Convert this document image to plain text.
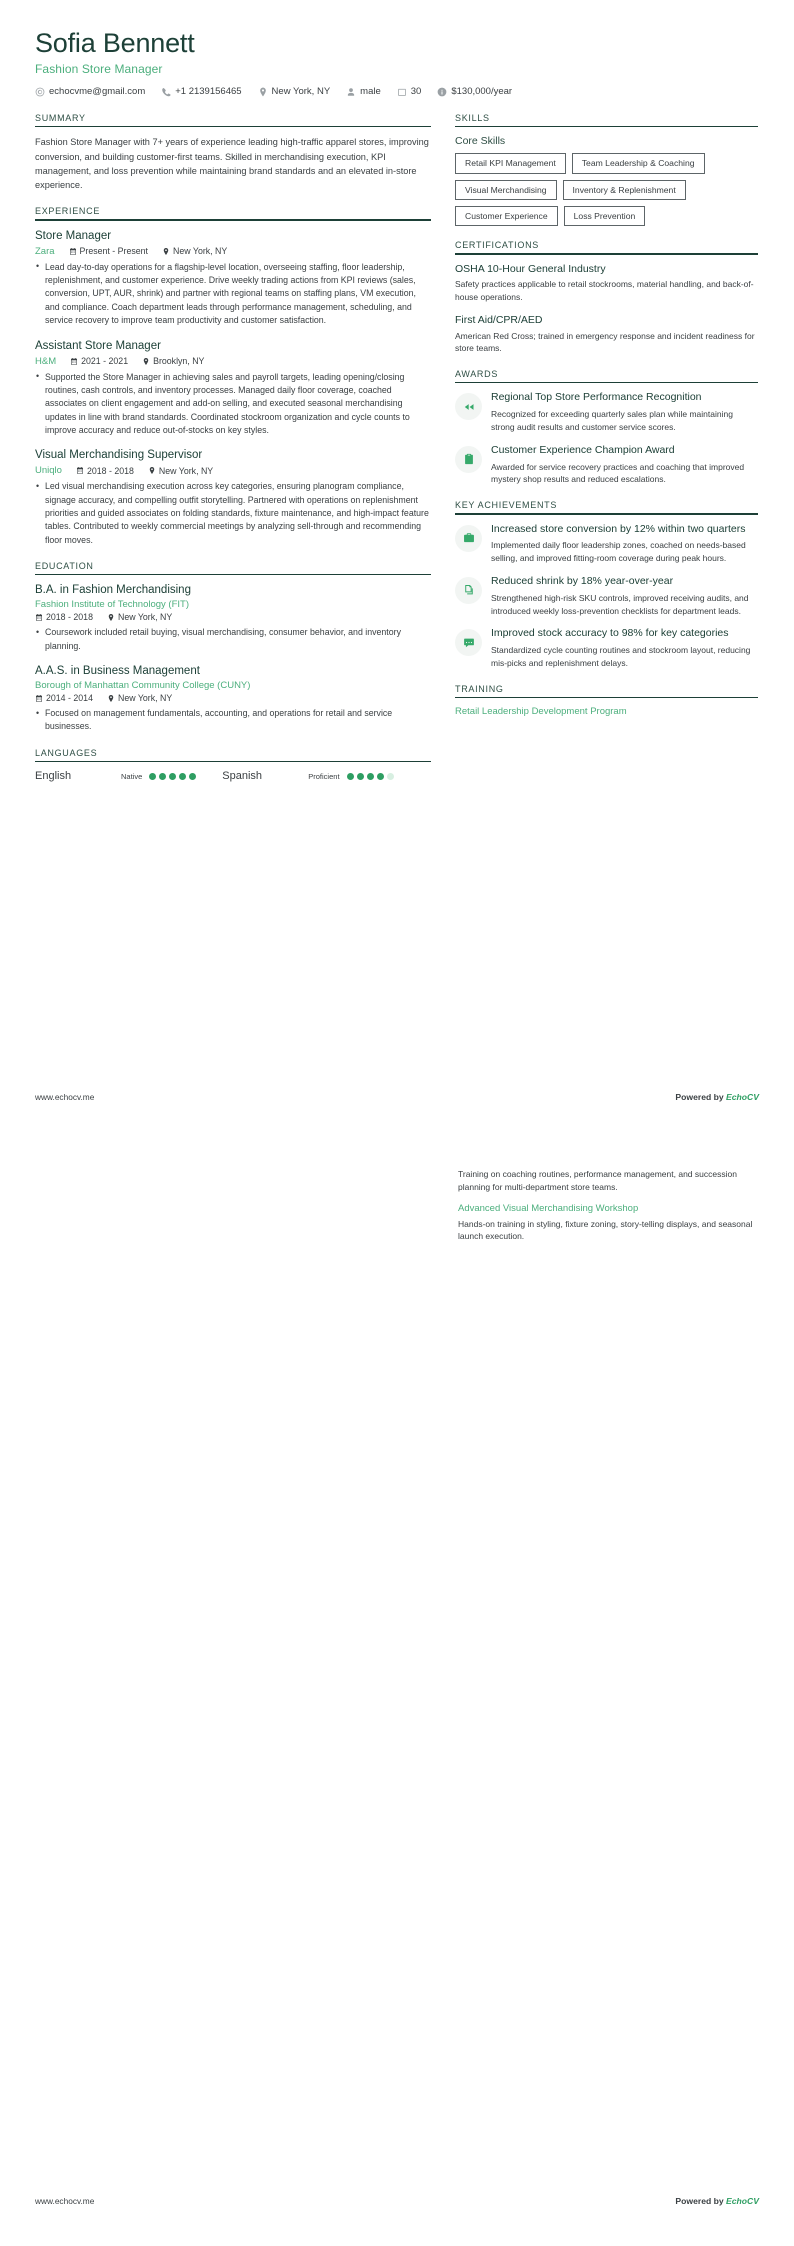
Sofia Bennett
Fashion Store Manager
echocvme@gmail.com	+1 2139156465	New York, NY	male	30	$130,000/year
SUMMARY
Fashion Store Manager with 7+ years of experience leading high-traffic apparel stores, improving conversion, and building customer-first teams. Skilled in merchandising execution, KPI management, and loss prevention while maintaining brand standards and an elevated in-store experience.
EXPERIENCE
Store Manager
Zara	Present - Present	New York, NY
• Lead day-to-day operations for a flagship-level location, overseeing staffing, floor leadership, replenishment, and customer experience. Drive weekly trading actions from KPI reviews (sales, conversion, UPT, AUR, shrink) and partner with regional teams on staffing plans, VM execution, and compliance. Coach department leads through performance management, scheduling, and service recovery to improve team productivity and customer satisfaction.
Assistant Store Manager
H&M	2021 - 2021	Brooklyn, NY
• Supported the Store Manager in achieving sales and payroll targets, leading opening/closing routines, cash controls, and inventory processes. Managed daily floor coverage, coached associates on client engagement and add-on selling, and executed seasonal merchandising updates in line with brand standards. Coordinated stockroom organization and cycle counts to improve accuracy and reduce out-of-stocks on key styles.
Visual Merchandising Supervisor
Uniqlo	2018 - 2018	New York, NY
• Led visual merchandising execution across key categories, ensuring planogram compliance, signage accuracy, and compelling outfit storytelling. Partnered with operations on replenishment priorities and guided associates on folding standards, fixture maintenance, and high-impact feature tables. Contributed to weekly commercial meetings by analyzing sell-through and recommending floor moves.
EDUCATION
B.A. in Fashion Merchandising
Fashion Institute of Technology (FIT)
2018 - 2018	New York, NY
• Coursework included retail buying, visual merchandising, consumer behavior, and inventory planning.
A.A.S. in Business Management
Borough of Manhattan Community College (CUNY)
2014 - 2014	New York, NY
• Focused on management fundamentals, accounting, and operations for retail and service businesses.
LANGUAGES
English	Native	Spanish	Proficient
SKILLS
Core Skills
Retail KPI Management	Team Leadership & Coaching
Visual Merchandising	Inventory & Replenishment
Customer Experience	Loss Prevention
CERTIFICATIONS
OSHA 10-Hour General Industry
Safety practices applicable to retail stockrooms, material handling, and back-of-house operations.
First Aid/CPR/AED
American Red Cross; trained in emergency response and incident readiness for store teams.
AWARDS
Regional Top Store Performance Recognition
Recognized for exceeding quarterly sales plan while maintaining strong audit results and customer service scores.
Customer Experience Champion Award
Awarded for service recovery practices and coaching that improved mystery shop results and reduced escalations.
KEY ACHIEVEMENTS
Increased store conversion by 12% within two quarters
Implemented daily floor leadership zones, coached on needs-based selling, and improved fitting-room coverage during peak hours.
Reduced shrink by 18% year-over-year
Strengthened high-risk SKU controls, improved receiving audits, and introduced weekly loss-prevention checklists for department leads.
Improved stock accuracy to 98% for key categories
Standardized cycle counting routines and stockroom layout, reducing mis-picks and replenishment delays.
TRAINING
Retail Leadership Development Program
www.echocv.me	Powered by EchoCV
Training on coaching routines, performance management, and succession planning for multi-department store teams.
Advanced Visual Merchandising Workshop
Hands-on training in styling, fixture zoning, story-telling displays, and seasonal launch execution.
www.echocv.me	Powered by EchoCV
